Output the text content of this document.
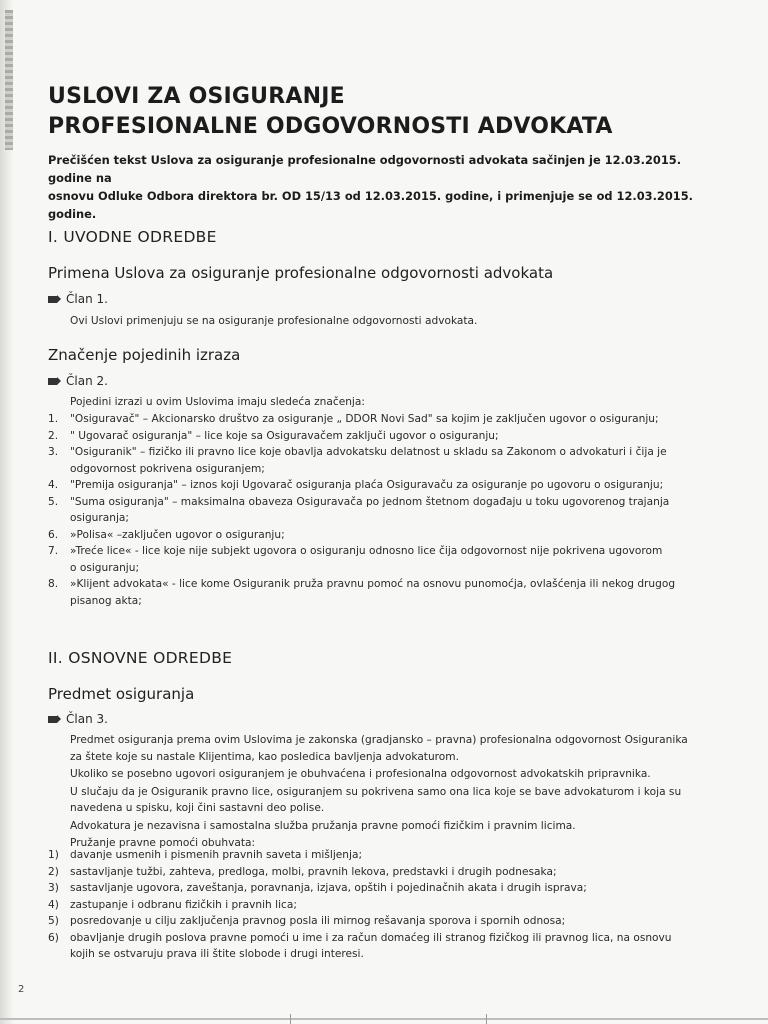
USLOVI ZA OSIGURANJE
PROFESIONALNE ODGOVORNOSTI ADVOKATA

Prečišćen tekst Uslova za osiguranje profesionalne odgovornosti advokata sačinjen je 12.03.2015. godine na
osnovu Odluke Odbora direktora br. OD 15/13 od 12.03.2015. godine, i primenjuje se od 12.03.2015. godine.

I. UVODNE ODREDBE
Primena Uslova za osiguranje profesionalne odgovornosti advokata
Član 1.

Ovi Uslovi primenjuju se na osiguranje profesionalne odgovornosti advokata.

Značenje pojedinih izraza
Član 2.

Pojedini izrazi u ovim Uslovima imaju sledeća značenja:

1.	"Osiguravač" – Akcionarsko društvo za osiguranje „ DDOR Novi Sad" sa kojim je zaključen ugovor o osiguranju;
2.	" Ugovarač osiguranja" – lice koje sa Osiguravačem zaključi ugovor o osiguranju;
3.	"Osiguranik" – fizičko ili pravno lice koje obavlja advokatsku delatnost u skladu sa Zakonom o advokaturi i čija je
odgovornost pokrivena osiguranjem;
4.	"Premija osiguranja" – iznos koji Ugovarač osiguranja plaća Osiguravaču za osiguranje po ugovoru o osiguranju;
5.	"Suma osiguranja" – maksimalna obaveza Osiguravača po jednom štetnom događaju u toku ugovorenog trajanja
osiguranja;
6.	»Polisa« –zaključen ugovor o osiguranju;
7.	»Treće lice« - lice koje nije subjekt ugovora o osiguranju odnosno lice čija odgovornost nije pokrivena ugovorom
o osiguranju;
8.	»Klijent advokata« - lice kome Osiguranik pruža pravnu pomoć na osnovu punomoćja, ovlašćenja ili nekog drugog
pisanog akta;
II. OSNOVNE ODREDBE
Predmet osiguranja
Član 3.

Predmet osiguranja prema ovim Uslovima je zakonska (gradjansko – pravna) profesionalna odgovornost Osiguranika
za štete koje su nastale Klijentima, kao posledica bavljenja advokaturom.

Ukoliko se posebno ugovori osiguranjem je obuhvaćena i profesionalna odgovornost advokatskih pripravnika.

U slučaju da je Osiguranik pravno lice, osiguranjem su pokrivena samo ona lica koje se bave advokaturom i koja su
navedena u spisku, koji čini sastavni deo polise.

Advokatura je nezavisna i samostalna služba pružanja pravne pomoći fizičkim i pravnim licima.

Pružanje pravne pomoći obuhvata:

1)	davanje usmenih i pismenih pravnih saveta i mišljenja;
2)	sastavljanje tužbi, zahteva, predloga, molbi, pravnih lekova, predstavki i drugih podnesaka;
3)	sastavljanje ugovora, zaveštanja, poravnanja, izjava, opštih i pojedinačnih akata i drugih isprava;
4)	zastupanje i odbranu fizičkih i pravnih lica;
5)	posredovanje u cilju zaključenja pravnog posla ili mirnog rešavanja sporova i spornih odnosa;
6)	obavljanje drugih poslova pravne pomoći u ime i za račun domaćeg ili stranog fizičkog ili pravnog lica, na osnovu
kojih se ostvaruju prava ili štite slobode i drugi interesi.
2
